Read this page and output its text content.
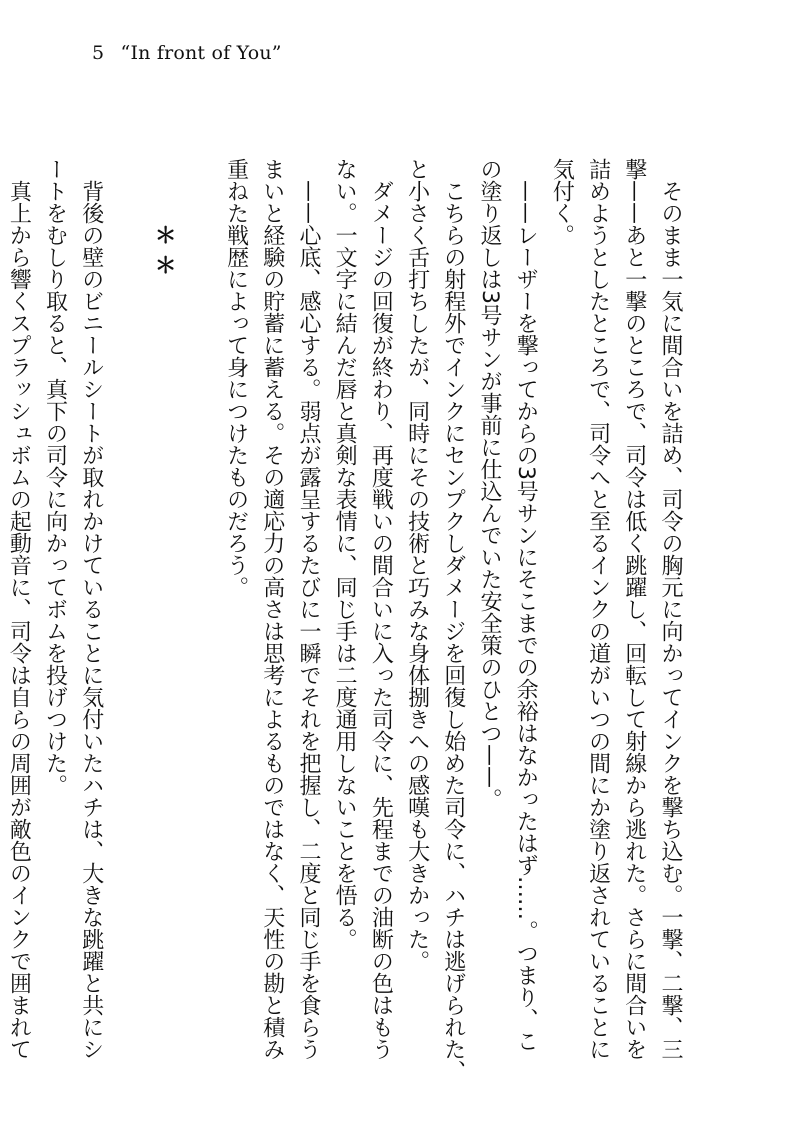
5 “In front of You”
　そのまま一気に間合いを詰め、司令の胸元に向かってインクを撃ち込む。一撃、二撃、三
撃——あと一撃のところで、司令は低く跳躍し、回転して射線から逃れた。さらに間合いを
詰めようとしたところで、司令へと至るインクの道がいつの間にか塗り返されていることに
気付く。
　——レーザーを撃ってからの3号サンにそこまでの余裕はなかったはず……。つまり、こ
の塗り返しは3号サンが事前に仕込んでいた安全策のひとつ——。
　こちらの射程外でインクにセンプクしダメージを回復し始めた司令に、ハチは逃げられた、
と小さく舌打ちしたが、同時にその技術と巧みな身体捌きへの感嘆も大きかった。
　ダメージの回復が終わり、再度戦いの間合いに入った司令に、先程までの油断の色はもう
ない。一文字に結んだ唇と真剣な表情に、同じ手は二度通用しないことを悟る。
　——心底、感心する。弱点が露呈するたびに一瞬でそれを把握し、二度と同じ手を食らう
まいと経験の貯蓄に蓄える。その適応力の高さは思考によるものではなく、天性の勘と積み
重ねた戦歴によって身につけたものだろう。
＊＊
　背後の壁のビニールシートが取れかけていることに気付いたハチは、大きな跳躍と共にシ
ートをむしり取ると、真下の司令に向かってボムを投げつけた。
　真上から響くスプラッシュボムの起動音に、司令は自らの周囲が敵色のインクで囲まれて
